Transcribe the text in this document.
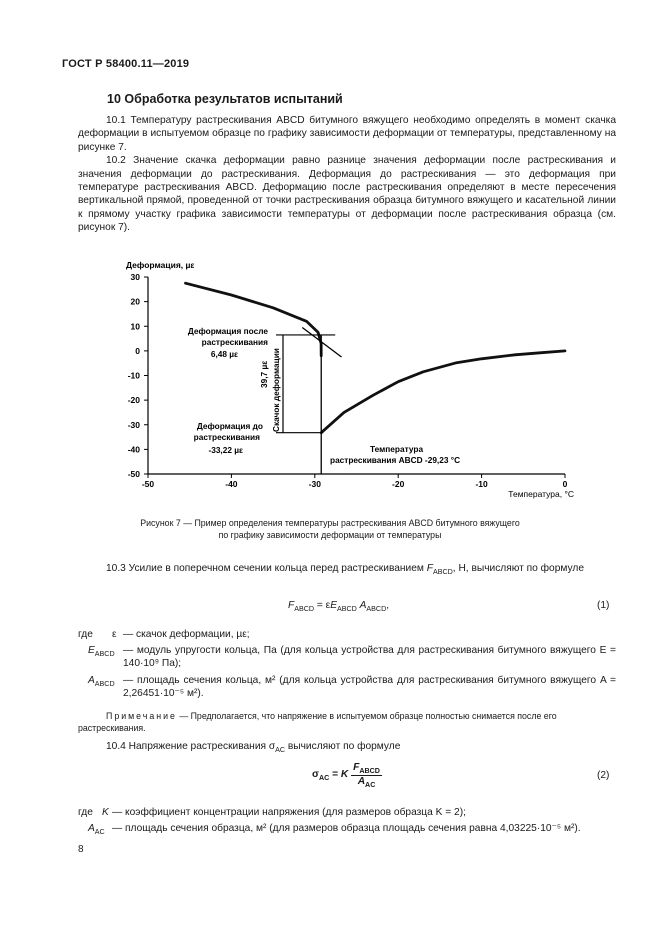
ГОСТ Р 58400.11—2019
10 Обработка результатов испытаний

10.1 Температуру растрескивания ABCD битумного вяжущего необходимо определять в момент скачка деформации в испытуемом образце по графику зависимости деформации от температуры, представленному на рисунке 7.

10.2 Значение скачка деформации равно разнице значения деформации после растрескивания и значения деформации до растрескивания. Деформация до растрескивания — это деформация при температуре растрескивания ABCD. Деформацию после растрескивания определяют в месте пересечения вертикальной прямой, проведенной от точки растрескивания образца битумного вяжущего и касательной линии к прямому участку графика зависимости температуры от деформации после растрескивания образца (см. рисунок 7).

Деформация, µε
30
20
10
0
-10
-20
-30
-40
-50
-50	-40	-30	-20	-10	0
Температура, °С
Деформация после
растрескивания
6,48 µε
Деформация до
растрескивания
-33,22 µε
Скачок деформации
39,7 µε
Температура
растрескивания ABCD -29,23 °С
Рисунок 7 — Пример определения температуры растрескивания ABCD битумного вяжущего
по графику зависимости деформации от температуры

10.3 Усилие в поперечном сечении кольца перед растрескиванием $F_{ABCD}$, Н, вычисляют по формуле

$F_{ABCD} = \varepsilon E_{ABCD}$ $A_{ABCD}$,	(1)
где ε — скачок деформации, µε;
$E_{ABCD}$ — модуль упругости кольца, Па (для кольца устройства для растрескивания битумного вяжущего E = 140·10⁹ Па);
$A_{ABCD}$ — площадь сечения кольца, м² (для кольца устройства для растрескивания битумного вяжущего A = 2,26451·10⁻⁵ м²).
Примечание — Предполагается, что напряжение в испытуемом образце полностью снимается после его растрескивания.

10.4 Напряжение растрескивания $\sigma_{AC}$ вычисляют по формуле

$\sigma_{AC} = K$
$F_{ABCD}$
$A_{AC}$
(2)
где K — коэффициент концентрации напряжения (для размеров образца K = 2);
$A_{AC}$ — площадь сечения образца, м² (для размеров образца площадь сечения равна 4,03225·10⁻⁵ м²).
8
